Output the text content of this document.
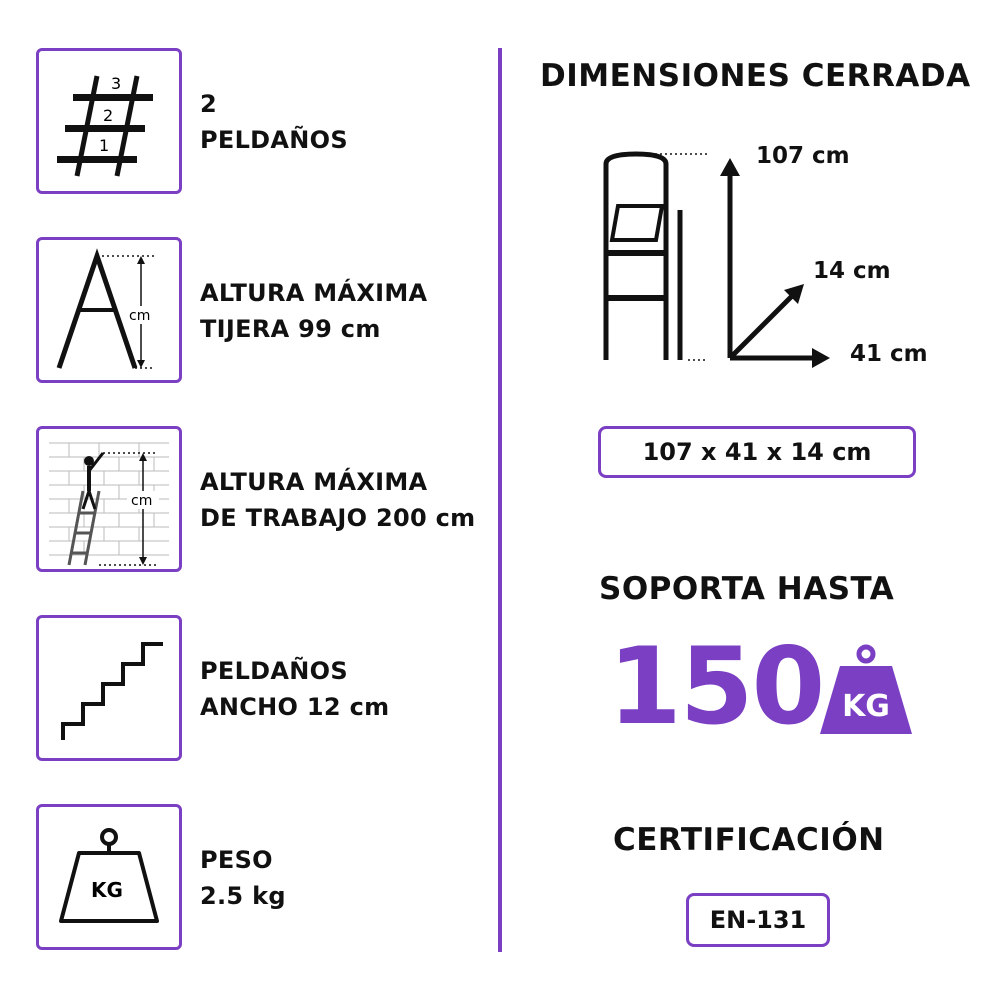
1
2
3
2
PELDAÑOS
cm
ALTURA MÁXIMA
TIJERA 99 cm
cm
ALTURA MÁXIMA
DE TRABAJO 200 cm
PELDAÑOS
ANCHO 12 cm
KG
PESO
2.5 kg
DIMENSIONES CERRADA
107 cm
14 cm
41 cm
107 x 41 x 14 cm
SOPORTA HASTA
150 KG
CERTIFICACIÓN
EN-131
